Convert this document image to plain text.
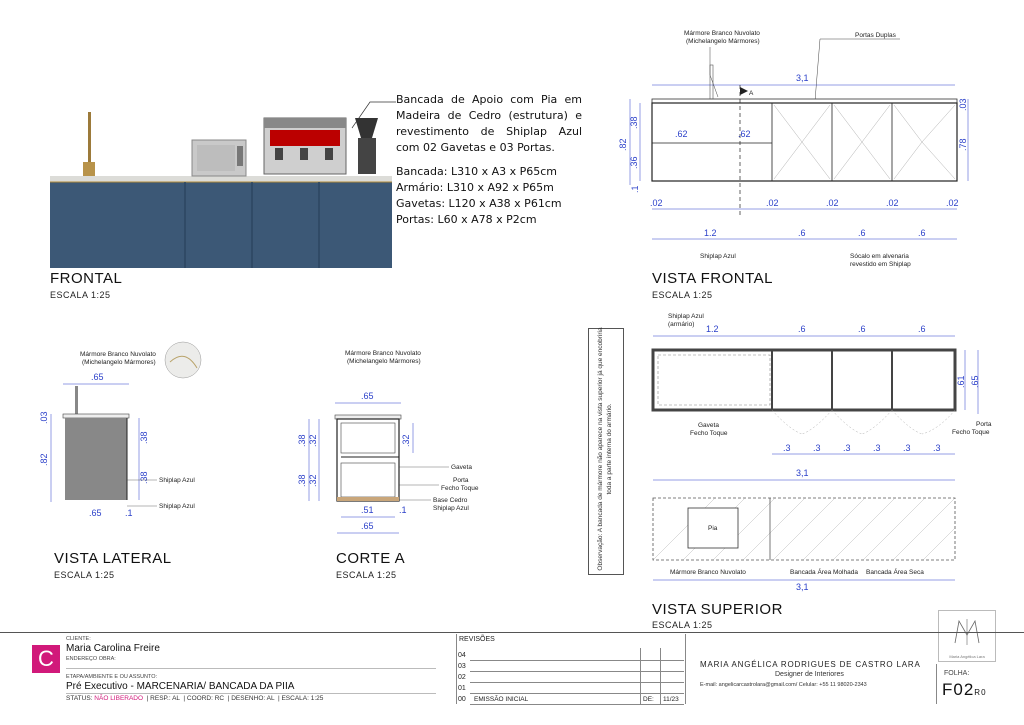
FRONTAL
ESCALA 1:25
Bancada de Apoio com Pia em Madeira de Cedro (estrutura) e revestimento de Shiplap Azul com 02 Gavetas e 03 Portas.
Bancada: L310 x A3 x P65cm
Armário: L310 x A92 x P65m
Gavetas: L120 x A38 x P61cm
Portas: L60 x A78 x P2cm
Mármore Branco Nuvolato
(Michelangelo Mármores)
Portas Duplas
3,1
A
.38
.36
.82
.1
.62	.62
.03
.78
.02	.02	.02	.02	.02
1.2	.6	.6	.6
Shiplap Azul	Sócalo em alvenaria
revestido em Shiplap
VISTA FRONTAL
ESCALA 1:25
Mármore Branco Nuvolato
(Michelangelo Mármores)
.65
.03
.82
.38
.38 Shiplap Azul
Shiplap Azul
.65	.1
VISTA LATERAL
ESCALA 1:25
Mármore Branco Nuvolato
(Michelangelo Mármores)
.65
.38
.38
.32
.32
.32
Gaveta
Porta
Fecho Toque
Base Cedro
Shiplap Azul
.51	.1
.65
CORTE A
ESCALA 1:25
Observação: A bancada de mármore não aparece na vista superior já que encobriria toda a parte interna do armário.
Shiplap Azul
(armário) 1.2	.6	.6	.6
.61 .65
Gaveta
Fecho Toque
Porta
Fecho Toque
.3 .3 .3 .3 .3 .3
3,1
Pia
Mármore Branco Nuvolato	Bancada Área Molhada Bancada Área Seca
3,1
VISTA SUPERIOR
ESCALA 1:25
Maria Angélica Lara
C
CLIENTE:
Maria Carolina Freire
ENDEREÇO OBRA:
ETAPA/AMBIENTE E OU ASSUNTO:
Pré Executivo - MARCENARIA/ BANCADA DA PIIA
STATUS: NÃO LIBERADO  | RESP.: AL  | COORD: RC  | DESENHO: AL  | ESCALA: 1:25
REVISÕES
04
03
02
01
00 EMISSÃO INICIAL	DE: 11/23
MARIA ANGÉLICA RODRIGUES DE CASTRO LARA
Designer de Interiores
E-mail: angelicarcastrolara@gmail.com/ Celular: +55 11 98020-2343
FOLHA:
F02R0
